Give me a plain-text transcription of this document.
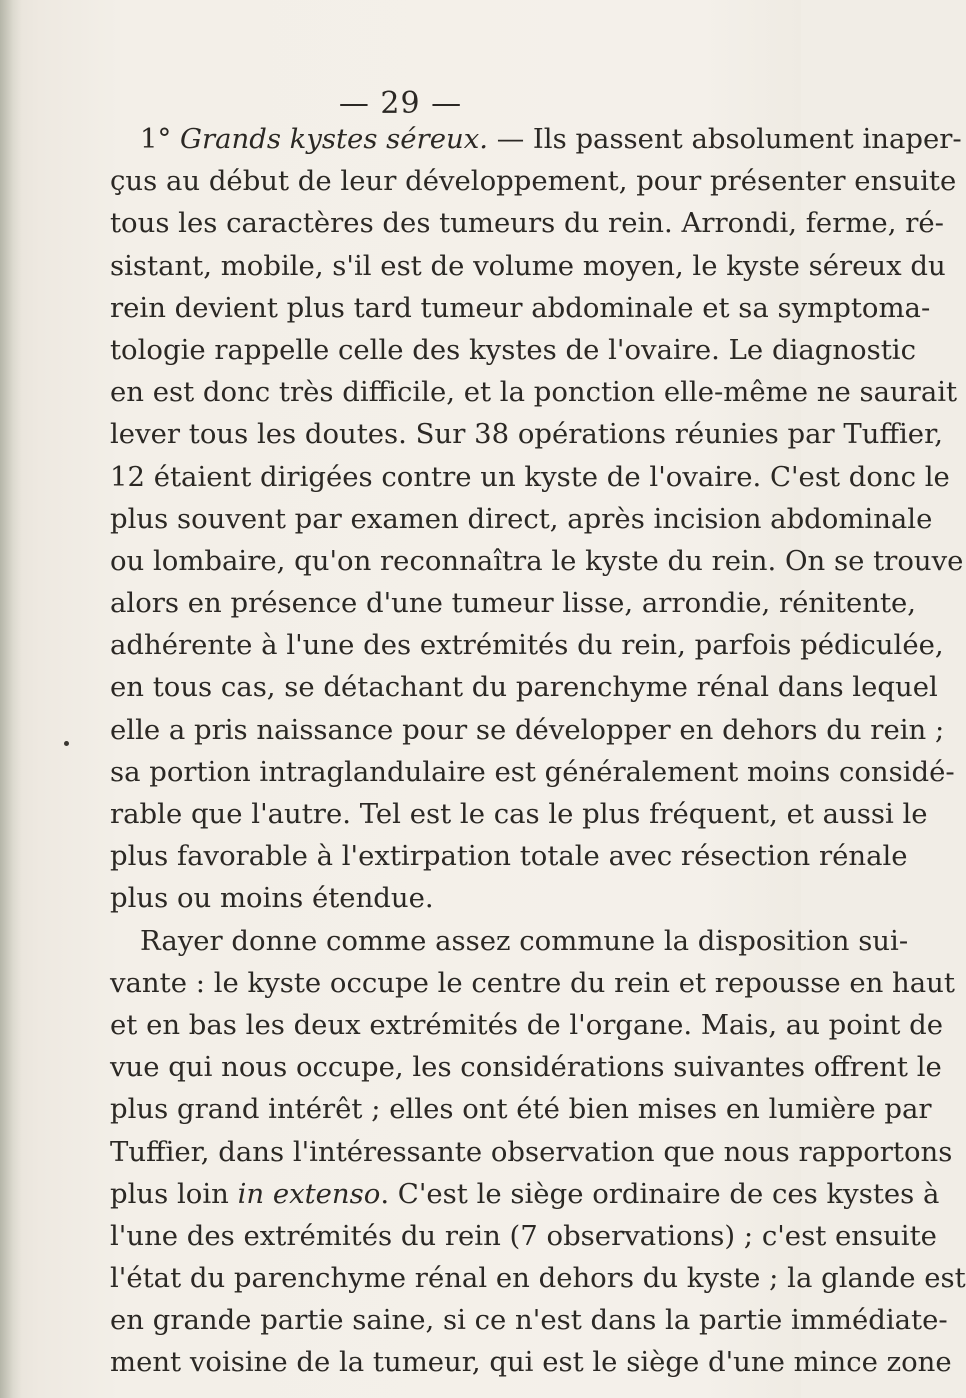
— 29 —
1° Grands kystes séreux. — Ils passent absolument inaper-
çus au début de leur développement, pour présenter ensuite
tous les caractères des tumeurs du rein. Arrondi, ferme, ré-
sistant, mobile, s'il est de volume moyen, le kyste séreux du
rein devient plus tard tumeur abdominale et sa symptoma-
tologie rappelle celle des kystes de l'ovaire. Le diagnostic
en est donc très difficile, et la ponction elle-même ne saurait
lever tous les doutes. Sur 38 opérations réunies par Tuffier,
12 étaient dirigées contre un kyste de l'ovaire. C'est donc le
plus souvent par examen direct, après incision abdominale
ou lombaire, qu'on reconnaîtra le kyste du rein. On se trouve
alors en présence d'une tumeur lisse, arrondie, rénitente,
adhérente à l'une des extrémités du rein, parfois pédiculée,
en tous cas, se détachant du parenchyme rénal dans lequel
elle a pris naissance pour se développer en dehors du rein ;
sa portion intraglandulaire est généralement moins considé-
rable que l'autre. Tel est le cas le plus fréquent, et aussi le
plus favorable à l'extirpation totale avec résection rénale
plus ou moins étendue.
Rayer donne comme assez commune la disposition sui-
vante : le kyste occupe le centre du rein et repousse en haut
et en bas les deux extrémités de l'organe. Mais, au point de
vue qui nous occupe, les considérations suivantes offrent le
plus grand intérêt ; elles ont été bien mises en lumière par
Tuffier, dans l'intéressante observation que nous rapportons
plus loin in extenso. C'est le siège ordinaire de ces kystes à
l'une des extrémités du rein (7 observations) ; c'est ensuite
l'état du parenchyme rénal en dehors du kyste ; la glande est
en grande partie saine, si ce n'est dans la partie immédiate-
ment voisine de la tumeur, qui est le siège d'une mince zone
